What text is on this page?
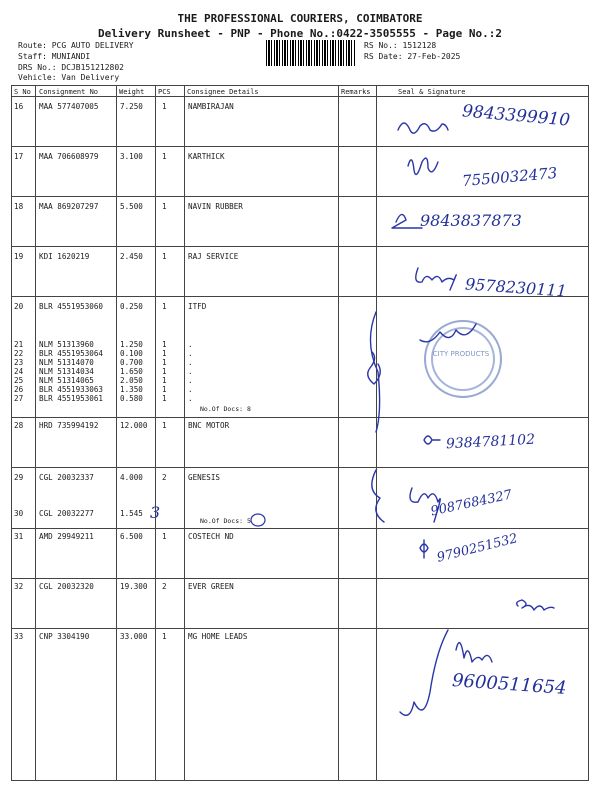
THE PROFESSIONAL COURIERS, COIMBATORE
Delivery Runsheet - PNP - Phone No.:0422-3505555 - Page No.:2
Route: PCG AUTO DELIVERY
Staff: MUNIANDI
DRS No.: DCJB151212802
Vehicle: Van Delivery
RS No.: 1512128
RS Date: 27-Feb-2025
S No Consignment No	Weight PCS Consignee Details	Remarks	Seal & Signature
16 MAA 577407005	7.250	1	NAMBIRAJAN
17 MAA 706608979	3.100	1	KARTHICK
18 MAA 869207297	5.500	1	NAVIN RUBBER
19 KDI 1620219	2.450	1	RAJ SERVICE
20 BLR 4551953060 0.250	1	ITFD
21 NLM 51313960	1.250	1	.
22 BLR 4551953064 0.100	1	.
23 NLM 51314070	0.700	1	.
24 NLM 51314034	1.650	1	.
25 NLM 51314065	2.050	1	.
26 BLR 4551933063 1.350	1	.
27 BLR 4551953061 0.580	1	.
No.Of Docs: 8
28 HRD 735994192	12.000 1	BNC MOTOR
29 CGL 20032337	4.000	2	GENESIS
30 CGL 20032277	1.545 3	No.Of Docs: 5
31 AMD 29949211	6.500	1	COSTECH ND
32 CGL 20032320	19.300 2	EVER GREEN
33 CNP 3304190	33.000 1	MG HOME LEADS
CITY PRODUCTS
9843399910
7550032473
9843837873
9578230111
9384781102
9087684327
9790251532
9600511654
